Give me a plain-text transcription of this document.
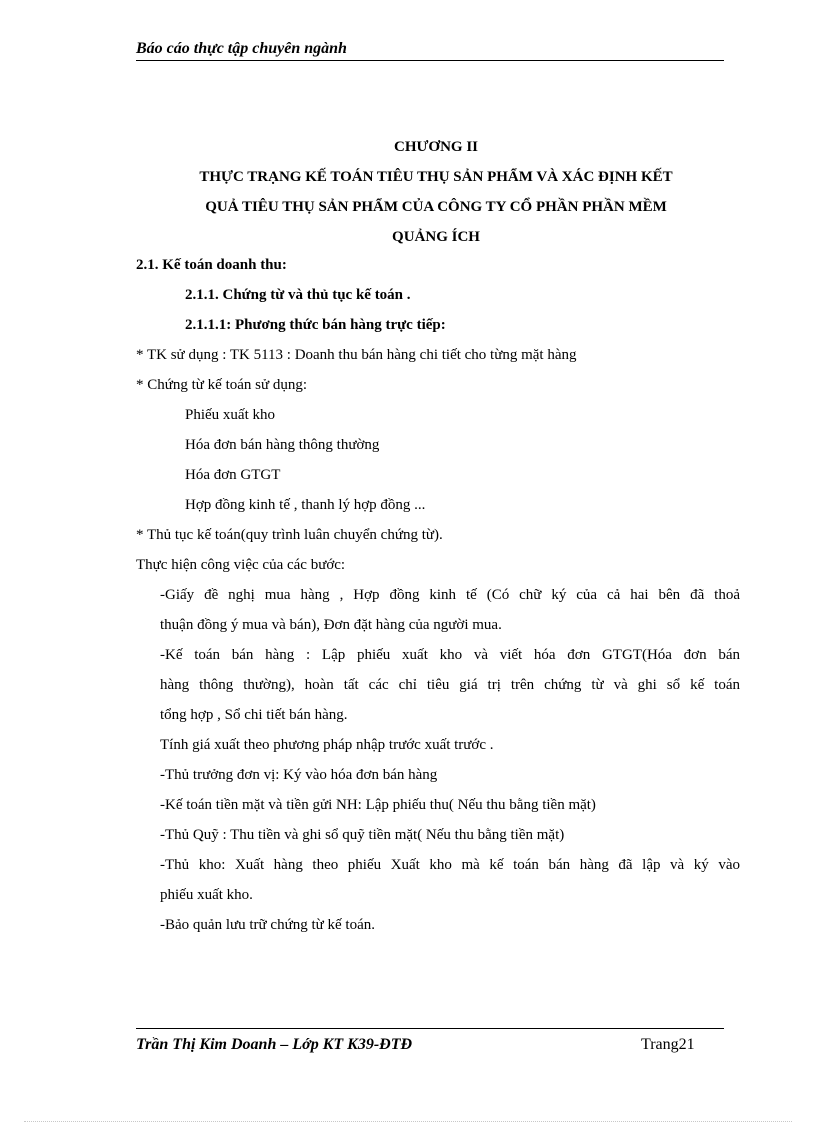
Báo cáo thực tập chuyên ngành
CHƯƠNG II
THỰC TRẠNG KẾ TOÁN TIÊU THỤ SẢN PHẨM VÀ XÁC ĐỊNH KẾT
QUẢ TIÊU THỤ SẢN PHẨM CỦA CÔNG TY CỔ PHẦN PHẦN MỀM
QUẢNG ÍCH
2.1. Kế toán doanh thu:
2.1.1. Chứng từ và thủ tục kế toán .
2.1.1.1: Phương thức bán hàng trực tiếp:
* TK sử dụng : TK 5113 : Doanh thu bán hàng chi tiết cho từng mặt hàng
* Chứng từ kế toán sử dụng:
Phiếu xuất kho
Hóa đơn bán hàng thông thường
Hóa đơn GTGT
Hợp đồng kinh tế , thanh lý hợp đồng ...
* Thủ tục kế toán(quy trình luân chuyển chứng từ).
Thực hiện công việc của các bước:
-Giấy đề nghị mua hàng , Hợp đồng kinh tế (Có chữ ký của cả hai bên đã thoả
thuận đồng ý mua và bán), Đơn đặt hàng của người mua.
-Kế toán bán hàng : Lập phiếu xuất kho và viết hóa đơn GTGT(Hóa đơn bán
hàng thông thường), hoàn tất các chỉ tiêu giá trị trên chứng từ và ghi sổ kế toán
tổng hợp , Sổ chi tiết bán hàng.
Tính giá xuất theo phương pháp nhập trước xuất trước .
-Thủ trưởng đơn vị: Ký vào hóa đơn bán hàng
-Kế toán tiền mặt và tiền gửi NH: Lập phiếu thu( Nếu thu bằng tiền mặt)
-Thủ Quỹ : Thu tiền và ghi sổ quỹ tiền mặt( Nếu thu bằng tiền mặt)
-Thủ kho: Xuất hàng theo phiếu Xuất kho mà kế toán bán hàng đã lập và ký vào
phiếu xuất kho.
-Bảo quản lưu trữ chứng từ kế toán.
Trần Thị Kim Doanh – Lớp KT K39-ĐTĐ	Trang21
